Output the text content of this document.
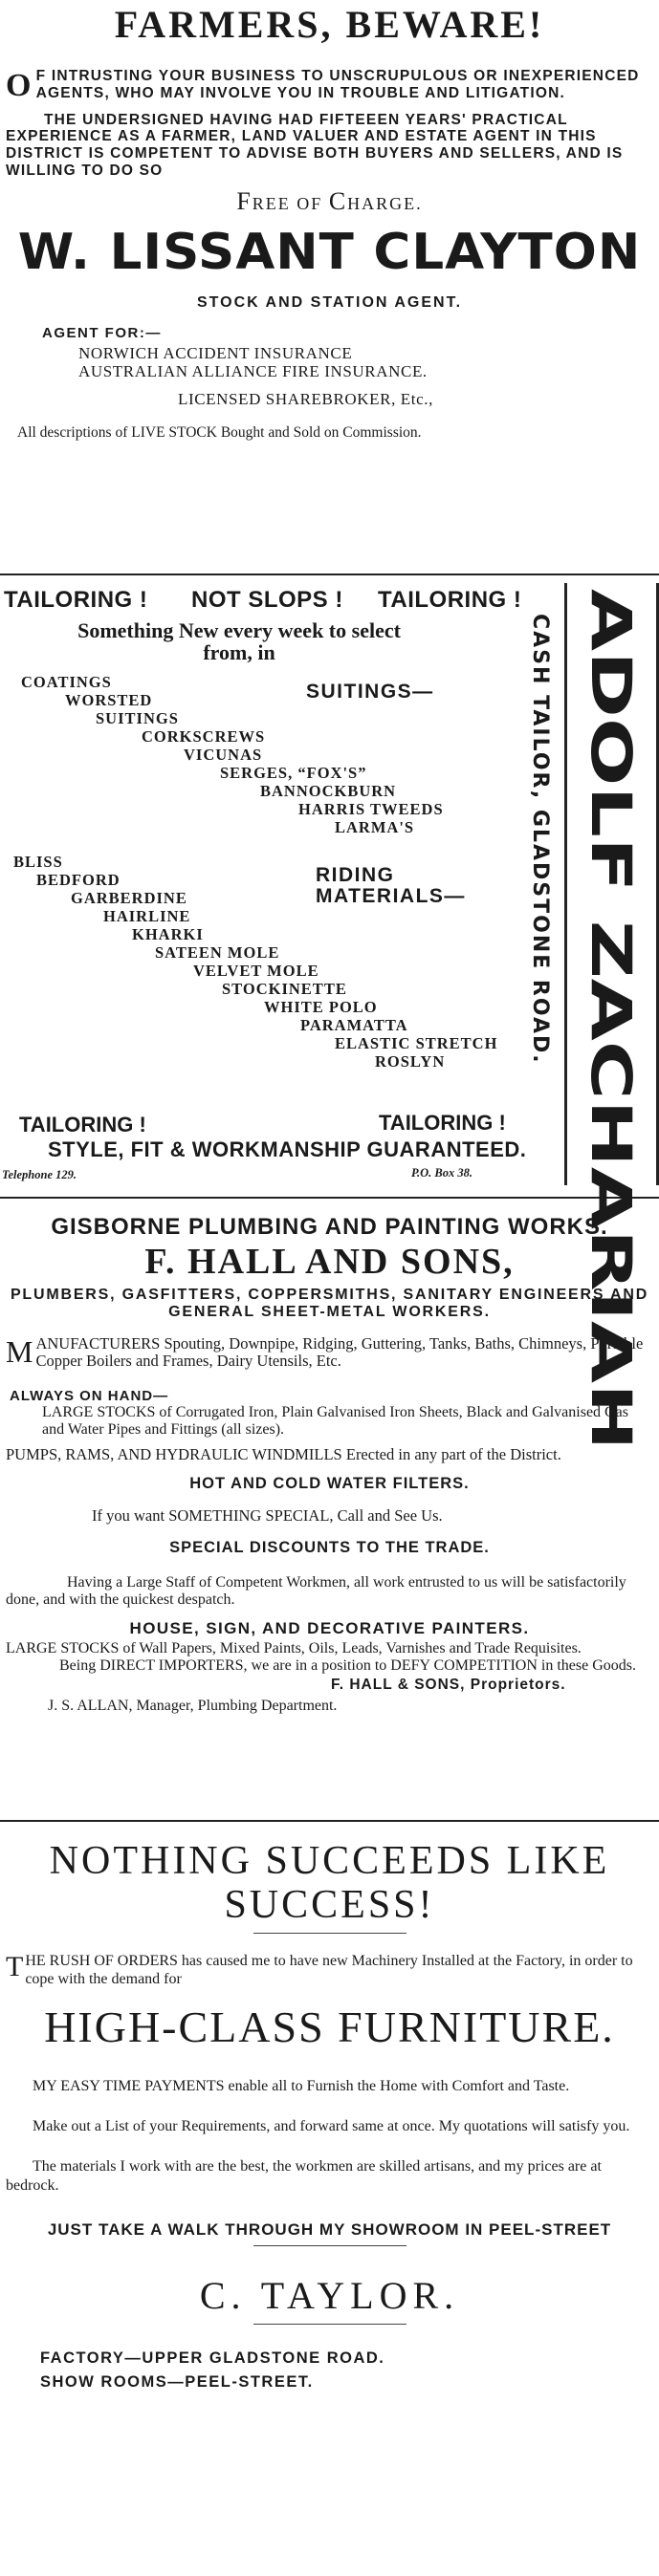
FARMERS, BEWARE!

O F INTRUSTING YOUR BUSINESS TO UNSCRUPULOUS OR INEXPERIENCED AGENTS, WHO MAY INVOLVE YOU IN TROUBLE AND LITIGATION.

THE UNDERSIGNED HAVING HAD FIFTEEEN YEARS' PRACTICAL EXPERIENCE AS A FARMER, LAND VALUER AND ESTATE AGENT IN THIS DISTRICT IS COMPETENT TO ADVISE BOTH BUYERS AND SELLERS, AND IS WILLING TO DO SO

FREE OF CHARGE.
W. LISSANT CLAYTON
STOCK AND STATION AGENT.
AGENT FOR:—
NORWICH ACCIDENT INSURANCE
AUSTRALIAN ALLIANCE FIRE INSURANCE.
LICENSED SHAREBROKER, Etc.,
All descriptions of LIVE STOCK Bought and Sold on Commission.
TAILORING ! NOT SLOPS ! TAILORING !
Something New every week to select from, in
COATINGS
WORSTED
SUITINGS
CORKSCREWS
VICUNAS
SERGES, “FOX'S”
BANNOCKBURN
HARRIS TWEEDS
LARMA'S
SUITINGS—
BLISS
BEDFORD
GARBERDINE
HAIRLINE
KHARKI
SATEEN MOLE
VELVET MOLE
STOCKINETTE
WHITE POLO
PARAMATTA
ELASTIC STRETCH
ROSLYN
RIDING
MATERIALS—
TAILORING !	TAILORING !
STYLE, FIT & WORKMANSHIP GUARANTEED.
Telephone 129.	P.O. Box 38.
CASH TAILOR, GLADSTONE ROAD. ADOLF ZACHARIAH
GISBORNE PLUMBING AND PAINTING WORKS.
F. HALL AND SONS,

PLUMBERS, GASFITTERS, COPPERSMITHS, SANITARY ENGINEERS AND GENERAL SHEET-METAL WORKERS.

MANUFACTURERS Spouting, Downpipe, Ridging, Guttering, Tanks, Baths, Chimneys, Portable Copper Boilers and Frames, Dairy Utensils, Etc.

ALWAYS ON HAND—

LARGE STOCKS of Corrugated Iron, Plain Galvanised Iron Sheets, Black and Galvanised Gas and Water Pipes and Fittings (all sizes).

PUMPS, RAMS, AND HYDRAULIC WINDMILLS Erected in any part of the District.

HOT AND COLD WATER FILTERS.
If you want SOMETHING SPECIAL, Call and See Us.
SPECIAL DISCOUNTS TO THE TRADE.

Having a Large Staff of Competent Workmen, all work entrusted to us will be satisfactorily done, and with the quickest despatch.

HOUSE, SIGN, AND DECORATIVE PAINTERS.

LARGE STOCKS of Wall Papers, Mixed Paints, Oils, Leads, Varnishes and Trade Requisites.

Being DIRECT IMPORTERS, we are in a position to DEFY COMPETITION in these Goods.

F. HALL & SONS, Proprietors.
J. S. ALLAN, Manager, Plumbing Department.
NOTHING SUCCEEDS LIKE
SUCCESS!

THE RUSH OF ORDERS has caused me to have new Machinery Installed at the Factory, in order to cope with the demand for

HIGH-CLASS FURNITURE.

MY EASY TIME PAYMENTS enable all to Furnish the Home with Comfort and Taste.

Make out a List of your Requirements, and forward same at once. My quotations will satisfy you.

The materials I work with are the best, the workmen are skilled artisans, and my prices are at bedrock.

JUST TAKE A WALK THROUGH MY SHOWROOM IN PEEL-STREET
C. TAYLOR.
FACTORY—UPPER GLADSTONE ROAD.
SHOW ROOMS—PEEL-STREET.
